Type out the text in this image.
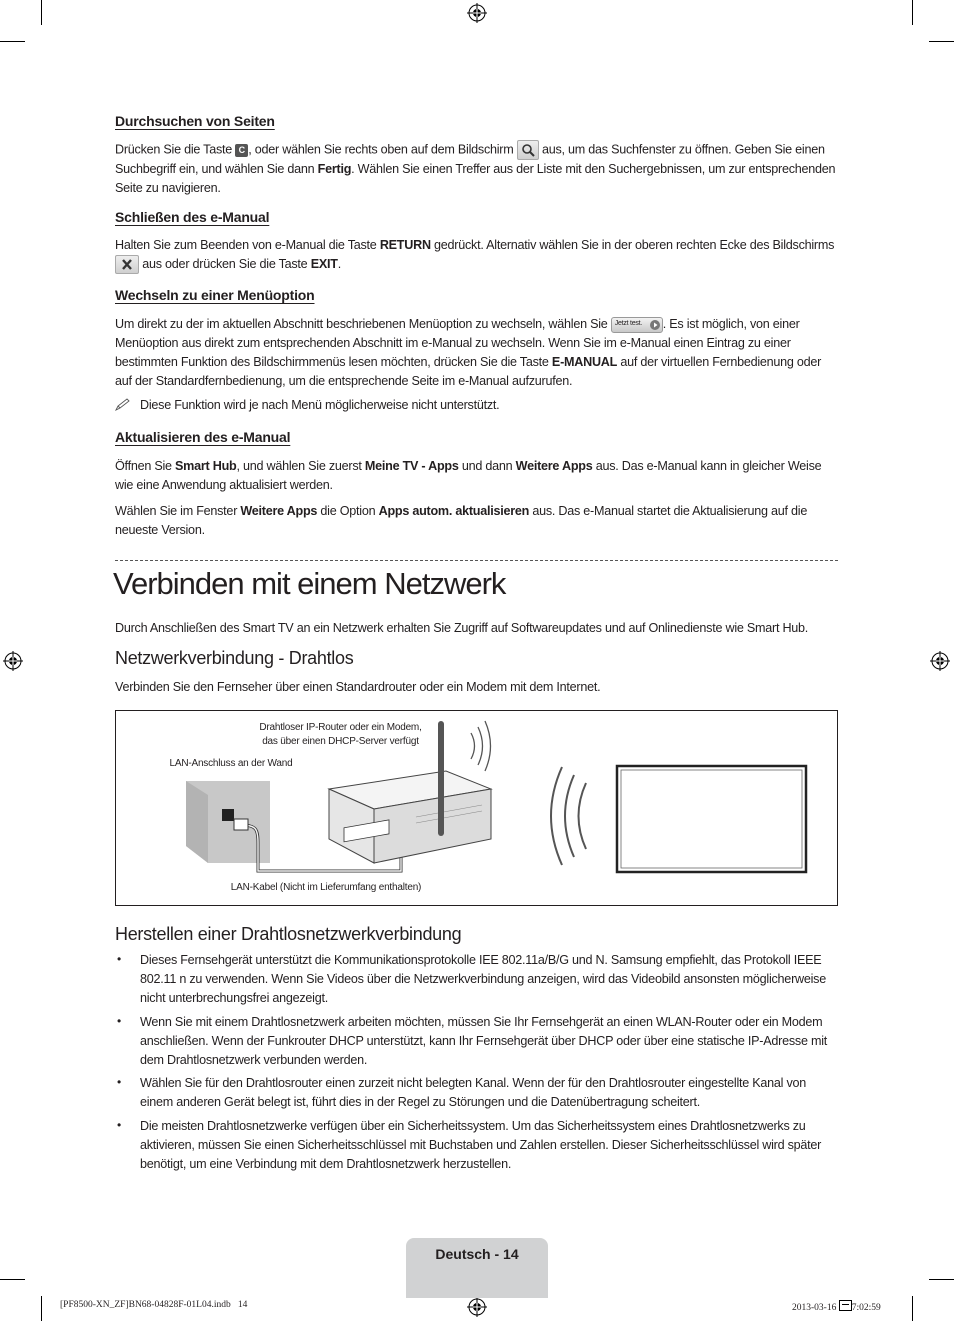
Durchsuchen von Seiten

Drücken Sie die Taste C , oder wählen Sie rechts oben auf dem Bildschirm
aus, um das Suchfenster zu öffnen. Geben Sie einen Suchbegriff ein, und wählen Sie dann Fertig. Wählen Sie einen Treffer aus der Liste mit den Suchergebnissen, um zur entsprechenden Seite zu navigieren.

Schließen des e-Manual

Halten Sie zum Beenden von e-Manual die Taste RETURN gedrückt. Alternativ wählen Sie in der oberen rechten Ecke des Bildschirms
aus oder drücken Sie die Taste EXIT.

Wechseln zu einer Menüoption

Um direkt zu der im aktuellen Abschnitt beschriebenen Menüoption zu wechseln, wählen Sie Jetzt test. . Es ist möglich, von einer Menüoption aus direkt zum entsprechenden Abschnitt im e-Manual zu wechseln. Wenn Sie im e-Manual einen Eintrag zu einer bestimmten Funktion des Bildschirmmenüs lesen möchten, drücken Sie die Taste E-MANUAL auf der virtuellen Fernbedienung oder auf der Standardfernbedienung, um die entsprechende Seite im e-Manual aufzurufen.

Diese Funktion wird je nach Menü möglicherweise nicht unterstützt.

Aktualisieren des e-Manual

Öffnen Sie Smart Hub, und wählen Sie zuerst Meine TV - Apps und dann Weitere Apps aus. Das e-Manual kann in gleicher Weise wie eine Anwendung aktualisiert werden.

Wählen Sie im Fenster Weitere Apps die Option Apps autom. aktualisieren aus. Das e-Manual startet die Aktualisierung auf die neueste Version.

Verbinden mit einem Netzwerk

Durch Anschließen des Smart TV an ein Netzwerk erhalten Sie Zugriff auf Softwareupdates und auf Onlinedienste wie Smart Hub.

Netzwerkverbindung - Drahtlos

Verbinden Sie den Fernseher über einen Standardrouter oder ein Modem mit dem Internet.

Drahtloser IP-Router oder ein Modem,
das über einen DHCP-Server verfügt
LAN-Anschluss an der Wand
LAN-Kabel (Nicht im Lieferumfang enthalten)
Herstellen einer Drahtlosnetzwerkverbindung
• Dieses Fernsehgerät unterstützt die Kommunikationsprotokolle IEE 802.11a/B/G und N. Samsung empfiehlt, das Protokoll IEEE 802.11 n zu verwenden. Wenn Sie Videos über die Netzwerkverbindung anzeigen, wird das Videobild ansonsten möglicherweise nicht unterbrechungsfrei angezeigt.

• Wenn Sie mit einem Drahtlosnetzwerk arbeiten möchten, müssen Sie Ihr Fernsehgerät an einen WLAN-Router oder ein Modem anschließen. Wenn der Funkrouter DHCP unterstützt, kann Ihr Fernsehgerät über DHCP oder über eine statische IP-Adresse mit dem Drahtlosnetzwerk verbunden werden.

• Wählen Sie für den Drahtlosrouter einen zurzeit nicht belegten Kanal. Wenn der für den Drahtlosrouter eingestellte Kanal von einem anderen Gerät belegt ist, führt dies in der Regel zu Störungen und die Datenübertragung scheitert.

• Die meisten Drahtlosnetzwerke verfügen über ein Sicherheitssystem. Um das Sicherheitssystem eines Drahtlosnetzwerks zu aktivieren, müssen Sie einen Sicherheitsschlüssel mit Buchstaben und Zahlen erstellen. Dieser Sicherheitsschlüssel wird später benötigt, um eine Verbindung mit dem Drahtlosnetzwerk herzustellen.

Deutsch - 14
[PF8500-XN_ZF]BN68-04828F-01L04.indb   14	2013-03-16 7:02:59
